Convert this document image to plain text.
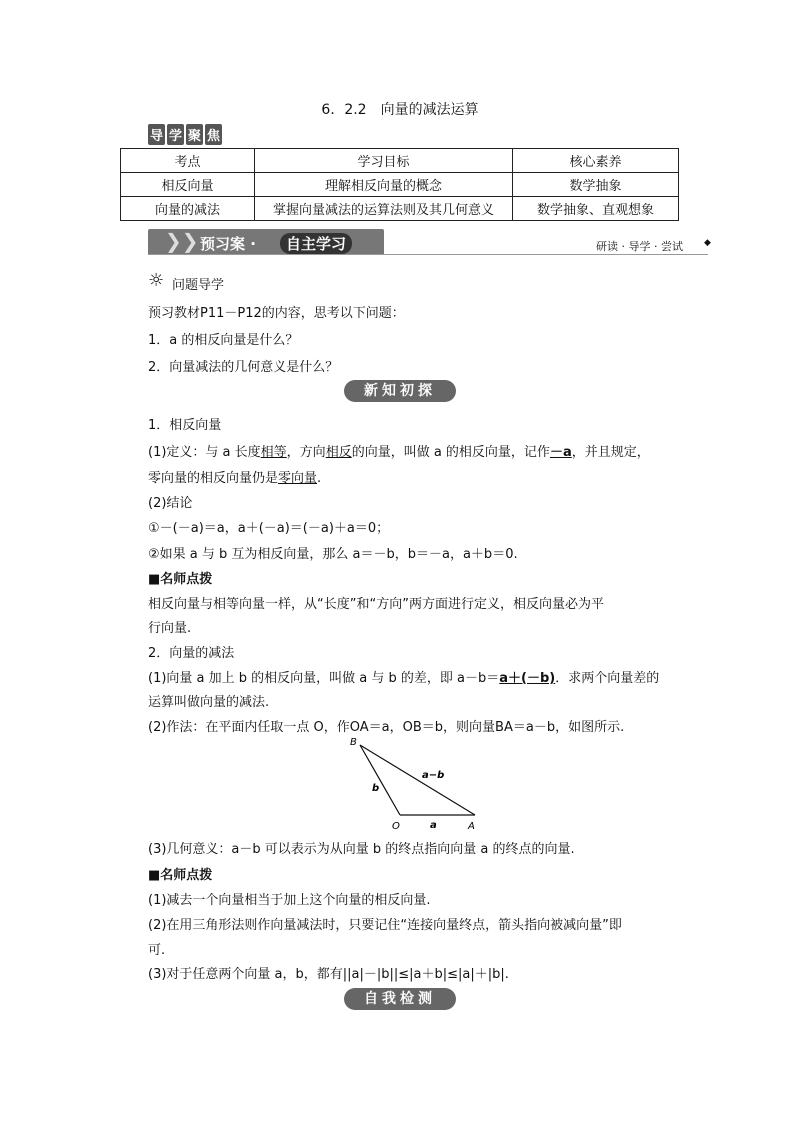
6．2.2　向量的减法运算
导 学 聚 焦
考点	学习目标	核心素养
相反向量	理解相反向量的概念	数学抽象
向量的减法	掌握向量减法的运算法则及其几何意义	数学抽象、直观想象
❯❯ 预习案 ·	自主学习	研读 · 导学 · 尝试 ◆
☼ 问题导学
预习教材P11－P12的内容，思考以下问题：
1．a 的相反向量是什么？
2．向量减法的几何意义是什么？
新知初探
1．相反向量
(1)定义：与 a 长度相等，方向相反的向量，叫做 a 的相反向量，记作－a，并且规定，
零向量的相反向量仍是零向量.
(2)结论
①－(－a)＝a，a＋(－a)＝(－a)＋a＝0；
②如果 a 与 b 互为相反向量，那么 a＝－b，b＝－a，a＋b＝0.
■名师点拨
相反向量与相等向量一样，从“长度”和“方向”两方面进行定义，相反向量必为平
行向量.
2．向量的减法
(1)向量 a 加上 b 的相反向量，叫做 a 与 b 的差，即 a－b＝a＋(－b)．求两个向量差的
运算叫做向量的减法.
(2)作法：在平面内任取一点 O，作OA＝a，OB＝b，则向量BA＝a－b，如图所示.
B
O	A
a−b
b
a
(3)几何意义：a－b 可以表示为从向量 b 的终点指向向量 a 的终点的向量.
■名师点拨
(1)减去一个向量相当于加上这个向量的相反向量.
(2)在用三角形法则作向量减法时，只要记住“连接向量终点，箭头指向被减向量”即
可.
(3)对于任意两个向量 a，b，都有||a|－|b||≤|a＋b|≤|a|＋|b|.
自我检测
